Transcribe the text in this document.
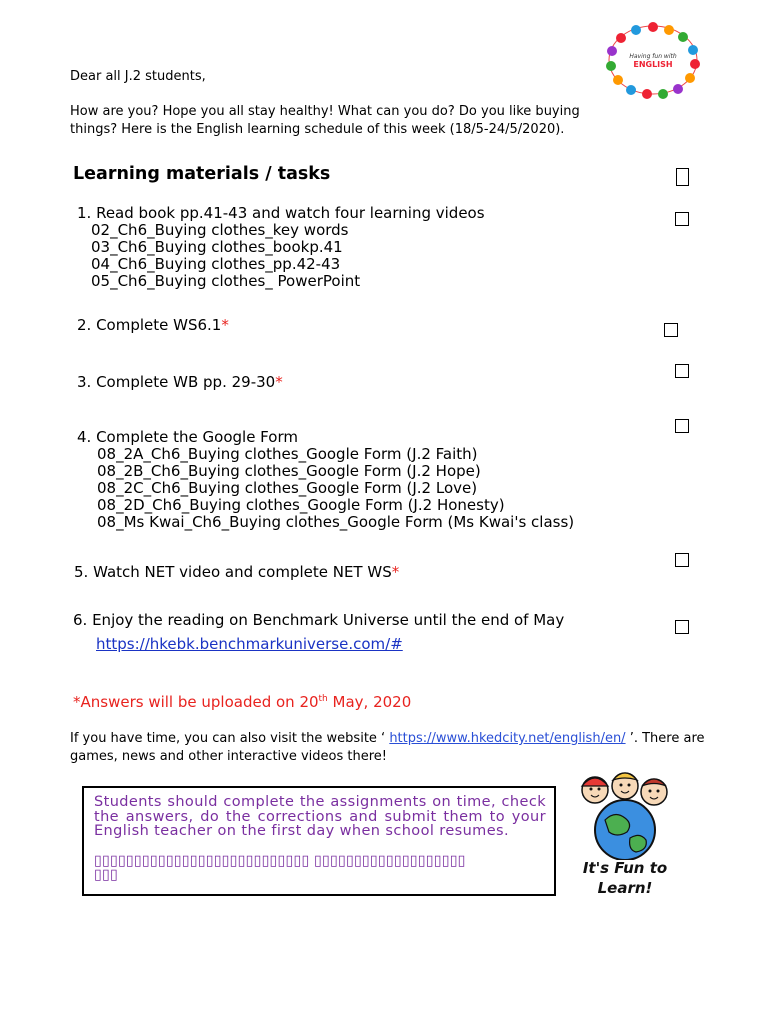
Having fun with
ENGLISH
Dear all J.2 students,
How are you? Hope you all stay healthy! What can you do? Do you like buying
things? Here is the English learning schedule of this week (18/5-24/5/2020).
Learning materials / tasks
1. Read book pp.41-43 and watch four learning videos
02_Ch6_Buying clothes_key words
03_Ch6_Buying clothes_bookp.41
04_Ch6_Buying clothes_pp.42-43
05_Ch6_Buying clothes_ PowerPoint
2. Complete WS6.1*
3. Complete WB pp. 29-30*
4. Complete the Google Form
08_2A_Ch6_Buying clothes_Google Form (J.2 Faith)
08_2B_Ch6_Buying clothes_Google Form (J.2 Hope)
08_2C_Ch6_Buying clothes_Google Form (J.2 Love)
08_2D_Ch6_Buying clothes_Google Form (J.2 Honesty)
08_Ms Kwai_Ch6_Buying clothes_Google Form (Ms Kwai's class)
5. Watch NET video and complete NET WS*
6. Enjoy the reading on Benchmark Universe until the end of May
https://hkebk.benchmarkuniverse.com/#
*Answers will be uploaded on 20th May, 2020
If you have time, you can also visit the website ‘ https://www.hkedcity.net/english/en/ ’. There are
games, news and other interactive videos there!
Students should complete the assignments on time, check the answers, do the corrections and submit them to your English teacher on the first day when school resumes.
▯▯▯▯▯▯▯▯▯▯▯▯▯▯▯▯▯▯▯▯▯▯▯▯▯▯▯ ▯▯▯▯▯▯▯▯▯▯▯▯▯▯▯▯▯▯▯
▯▯▯	It's Fun to
Learn!
